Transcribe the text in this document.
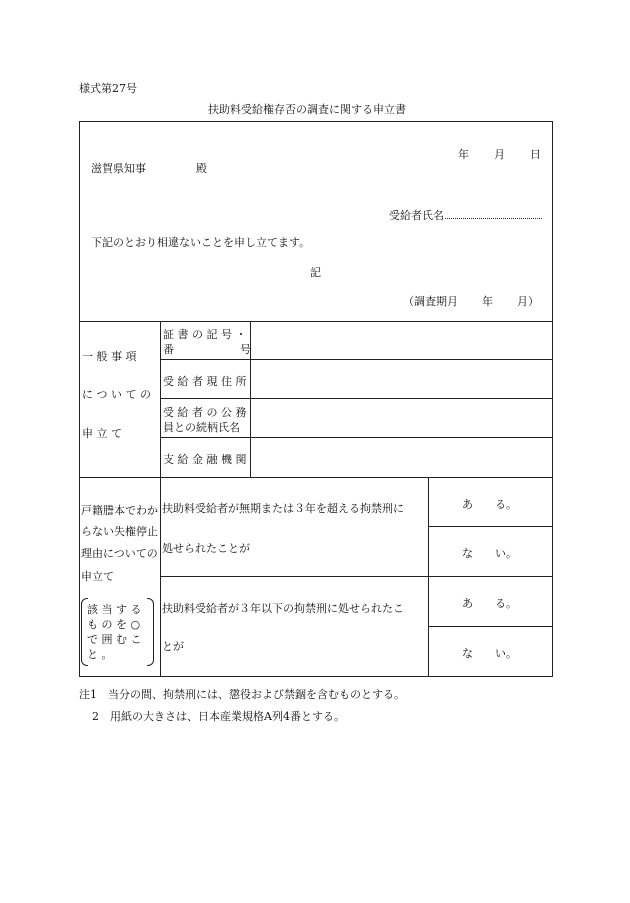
様式第27号
扶助料受給権存否の調査に関する申立書
年 月 日
滋賀県知事	殿
受給者氏名
下記のとおり相違ないことを申し立てます。
記
（調査期月 年 月）
一 般 事 項
に つ い て の
申 立 て
証 書 の 記 号 ・
番　　　　　　号
受 給 者 現 住 所
受 給 者 の 公 務
員との続柄氏名
支 給 金 融 機 関
戸籍謄本でわか
らない失権停止
理由についての
申立て
該 当 す る
も の を ○
で 囲 む こ
と 。
扶助料受給者が無期または３年を超える拘禁刑に
処せられたことが
あ　　る。
な　　い。
扶助料受給者が３年以下の拘禁刑に処せられたこ
とが
あ　　る。
な　　い。
注1　当分の間、拘禁刑には、懲役および禁錮を含むものとする。
2　用紙の大きさは、日本産業規格A列4番とする。
